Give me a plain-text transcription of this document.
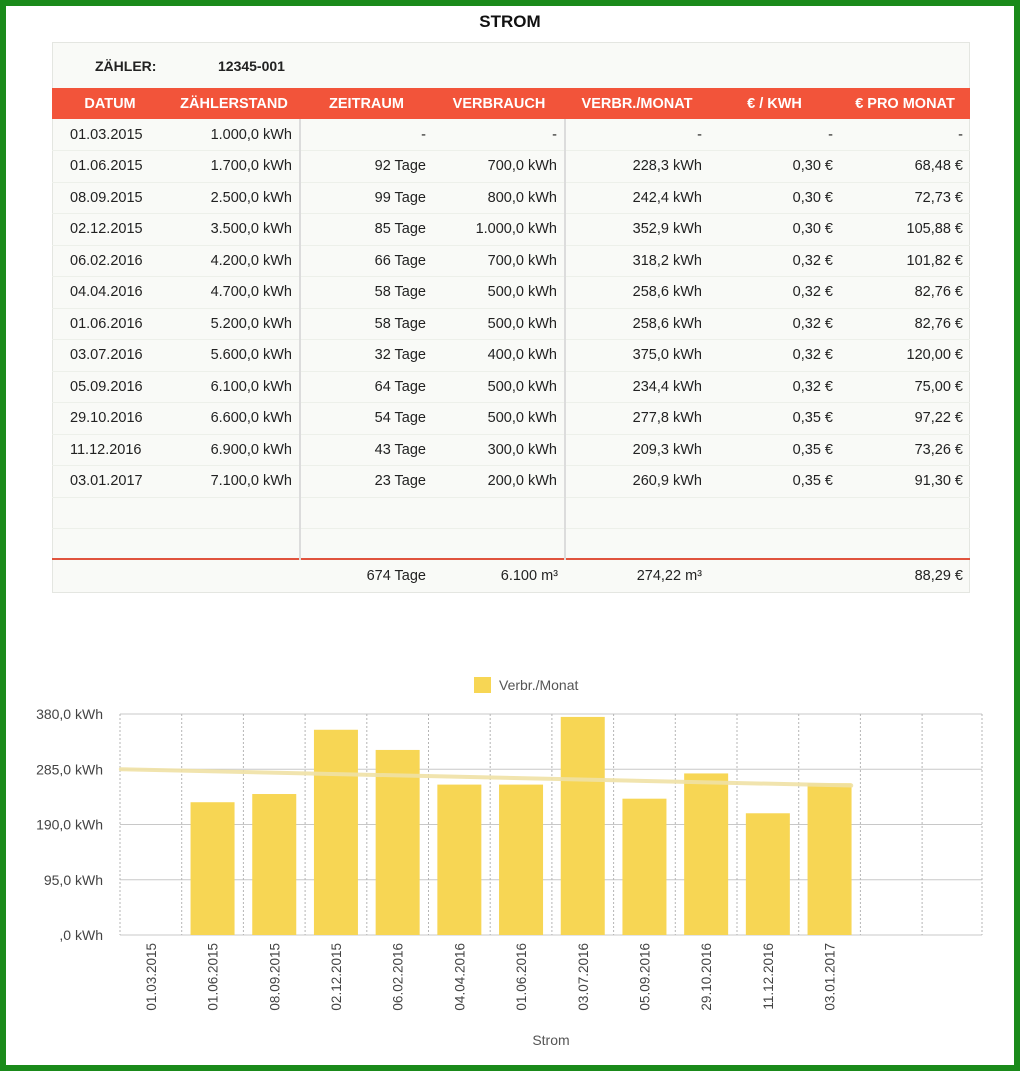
STROM
ZÄHLER:	12345-001
DATUM	ZÄHLERSTAND	ZEITRAUM	VERBRAUCH	VERBR./MONAT	€ / KWH	€ PRO MONAT
01.03.2015	1.000,0 kWh	-	-	-	-	-
01.06.2015	1.700,0 kWh	92 Tage	700,0 kWh	228,3 kWh	0,30 €	68,48 €
08.09.2015	2.500,0 kWh	99 Tage	800,0 kWh	242,4 kWh	0,30 €	72,73 €
02.12.2015	3.500,0 kWh	85 Tage	1.000,0 kWh	352,9 kWh	0,30 €	105,88 €
06.02.2016	4.200,0 kWh	66 Tage	700,0 kWh	318,2 kWh	0,32 €	101,82 €
04.04.2016	4.700,0 kWh	58 Tage	500,0 kWh	258,6 kWh	0,32 €	82,76 €
01.06.2016	5.200,0 kWh	58 Tage	500,0 kWh	258,6 kWh	0,32 €	82,76 €
03.07.2016	5.600,0 kWh	32 Tage	400,0 kWh	375,0 kWh	0,32 €	120,00 €
05.09.2016	6.100,0 kWh	64 Tage	500,0 kWh	234,4 kWh	0,32 €	75,00 €
29.10.2016	6.600,0 kWh	54 Tage	500,0 kWh	277,8 kWh	0,35 €	97,22 €
11.12.2016	6.900,0 kWh	43 Tage	300,0 kWh	209,3 kWh	0,35 €	73,26 €
03.01.2017	7.100,0 kWh	23 Tage	200,0 kWh	260,9 kWh	0,35 €	91,30 €

		674 Tage	6.100 m³	274,22 m³		88,29 €
,0 kWh
95,0 kWh
190,0 kWh
285,0 kWh
380,0 kWh
01.03.2015	01.06.2015	08.09.2015	02.12.2015	06.02.2016	04.04.2016	01.06.2016	03.07.2016	05.09.2016	29.10.2016	11.12.2016	03.01.2017
Verbr./Monat
Strom
